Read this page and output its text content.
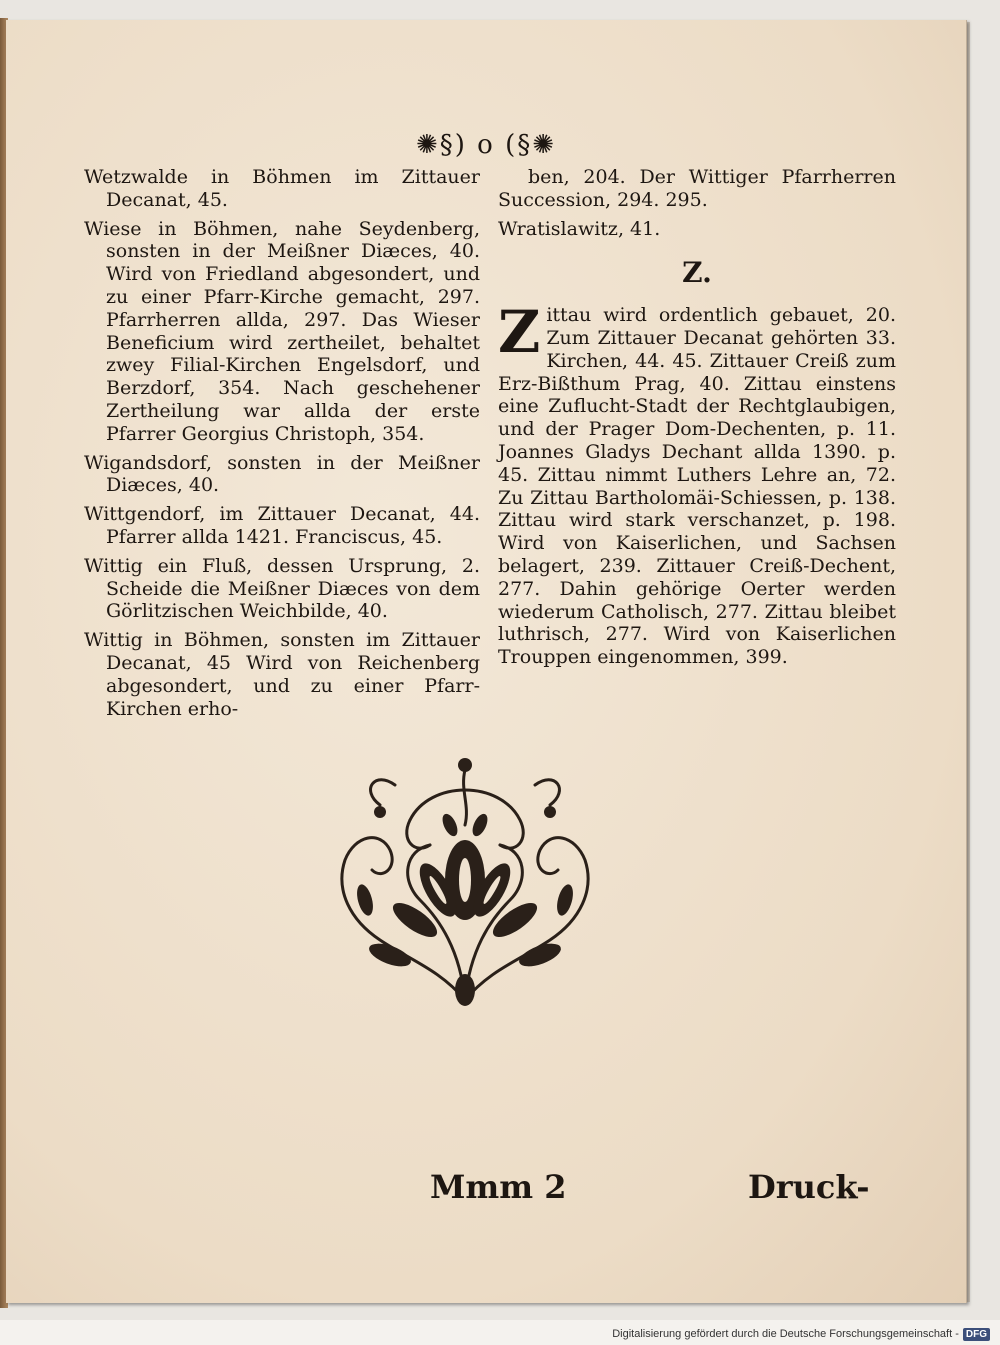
✺§) o (§✺

Wetzwalde in Böhmen im Zittauer Decanat, 45.

Wiese in Böhmen, nahe Seydenberg, sonsten in der Meißner Diæces, 40. Wird von Friedland abgesondert, und zu einer Pfarr-Kirche gemacht, 297. Pfarrherren allda, 297. Das Wieser Beneficium wird zertheilet, behaltet zwey Filial-Kirchen Engelsdorf, und Berzdorf, 354. Nach geschehener Zertheilung war allda der erste Pfarrer Georgius Christoph, 354.

Wigandsdorf, sonsten in der Meißner Diæces, 40.

Wittgendorf, im Zittauer Decanat, 44. Pfarrer allda 1421. Franciscus, 45.

Wittig ein Fluß, dessen Ursprung, 2. Scheide die Meißner Diæces von dem Görlitzischen Weichbilde, 40.

Wittig in Böhmen, sonsten im Zittauer Decanat, 45 Wird von Reichenberg abgesondert, und zu einer Pfarr-Kirchen erho-

ben, 204. Der Wittiger Pfarrherren Succession, 294. 295.

Wratislawitz, 41.

Z.

Zittau wird ordentlich gebauet, 20. Zum Zittauer Decanat gehörten 33. Kirchen, 44. 45. Zittauer Creiß zum Erz-Bißthum Prag, 40. Zittau einstens eine Zuflucht-Stadt der Rechtglaubigen, und der Prager Dom-Dechenten, p. 11. Joannes Gladys Dechant allda 1390. p. 45. Zittau nimmt Luthers Lehre an, 72. Zu Zittau Bartholomäi-Schiessen, p. 138. Zittau wird stark verschanzet, p. 198. Wird von Kaiserlichen, und Sachsen belagert, 239. Zittauer Creiß-Dechent, 277. Dahin gehörige Oerter werden wiederum Catholisch, 277. Zittau bleibet luthrisch, 277. Wird von Kaiserlichen Trouppen eingenommen, 399.

Mmm 2	Druck-
Digitalisierung gefördert durch die Deutsche Forschungsgemeinschaft - DFG
